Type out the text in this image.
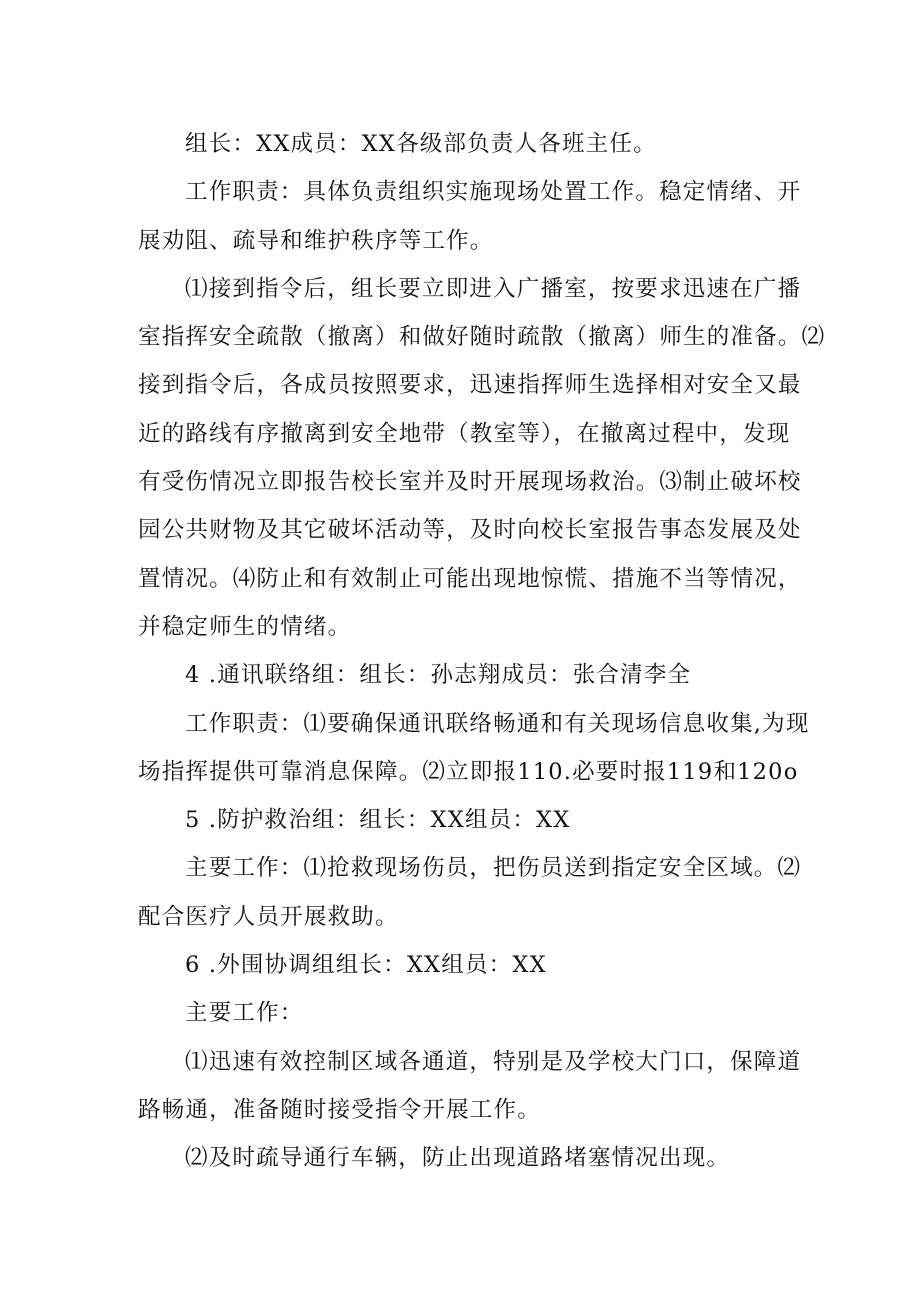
组长：XX成员：XX各级部负责人各班主任。
工作职责：具体负责组织实施现场处置工作。稳定情绪、开
展劝阻、疏导和维护秩序等工作。
⑴接到指令后，组长要立即进入广播室，按要求迅速在广播
室指挥安全疏散（撤离）和做好随时疏散（撤离）师生的准备。⑵
接到指令后，各成员按照要求，迅速指挥师生选择相对安全又最
近的路线有序撤离到安全地带（教室等），在撤离过程中，发现
有受伤情况立即报告校长室并及时开展现场救治。⑶制止破坏校
园公共财物及其它破坏活动等，及时向校长室报告事态发展及处
置情况。⑷防止和有效制止可能出现地惊慌、措施不当等情况，
并稳定师生的情绪。
4 .通讯联络组：组长：孙志翔成员：张合清李全
工作职责：⑴要确保通讯联络畅通和有关现场信息收集,为现
场指挥提供可靠消息保障。⑵立即报110.必要时报119和120o
5 .防护救治组：组长：XX组员：XX
主要工作：⑴抢救现场伤员，把伤员送到指定安全区域。⑵
配合医疗人员开展救助。
6 .外围协调组组长：XX组员：XX
主要工作：
⑴迅速有效控制区域各通道，特别是及学校大门口，保障道
路畅通，准备随时接受指令开展工作。
⑵及时疏导通行车辆，防止出现道路堵塞情况出现。
